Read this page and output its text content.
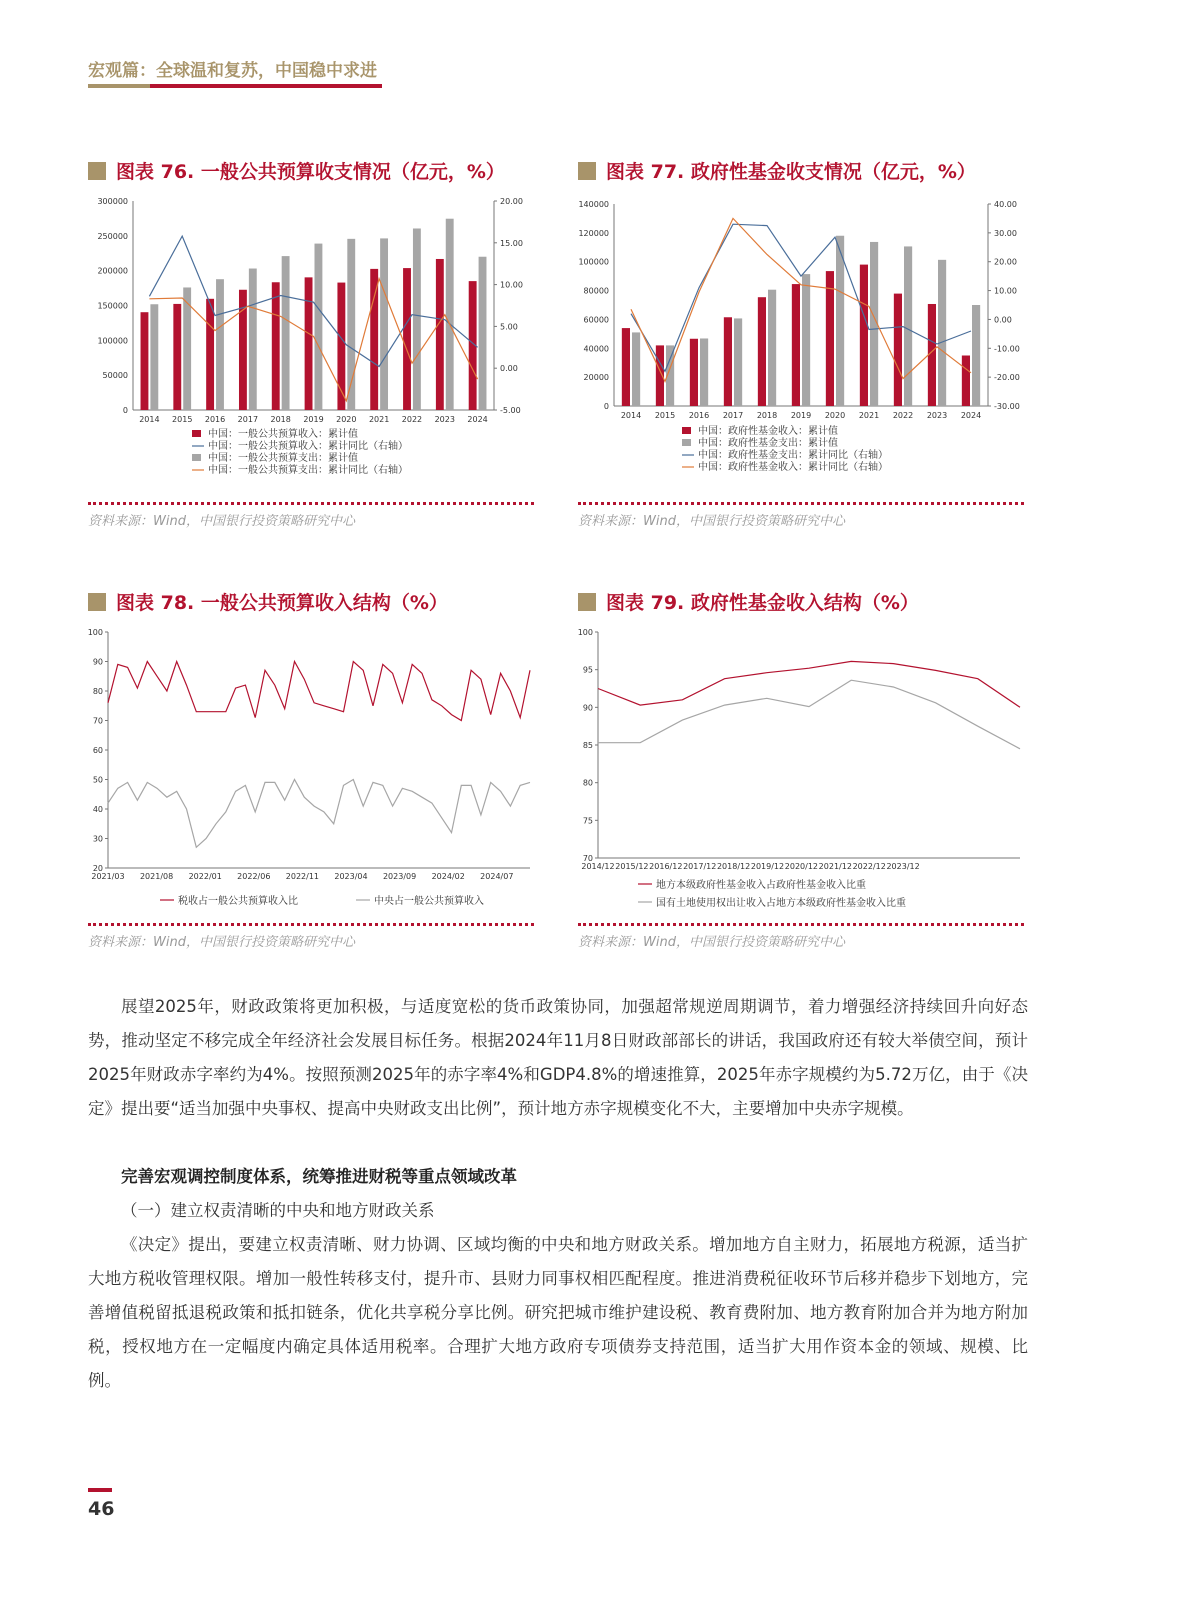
宏观篇：全球温和复苏，中国稳中求进
图表 76. 一般公共预算收支情况（亿元，%）
300000
250000
200000
150000
100000
50000
0
20.00
15.00
10.00
5.00
0.00
-5.00
2014 2015 2016 2017 2018 2019 2020 2021 2022 2023 2024
中国：一般公共预算收入：累计值
中国：一般公共预算收入：累计同比（右轴）
中国：一般公共预算支出：累计值
中国：一般公共预算支出：累计同比（右轴）
资料来源：Wind，中国银行投资策略研究中心
图表 77. 政府性基金收支情况（亿元，%）
140000
120000
100000
80000
60000
40000
20000
0
40.00
30.00
20.00
10.00
0.00
-10.00
-20.00
-30.00
2014 2015 2016 2017 2018 2019 2020 2021 2022 2023 2024
中国：政府性基金收入：累计值
中国：政府性基金支出：累计值
中国：政府性基金支出：累计同比（右轴）
中国：政府性基金收入：累计同比（右轴）
资料来源：Wind，中国银行投资策略研究中心
图表 78. 一般公共预算收入结构（%）
100
90
80
70
60
50
40
30
20
2021/03 2021/08 2022/01 2022/06 2022/11 2023/04 2023/09 2024/02 2024/07
税收占一般公共预算收入比	中央占一般公共预算收入
资料来源：Wind，中国银行投资策略研究中心
图表 79. 政府性基金收入结构（%）
100
95
90
85
80
75
70
2014/12 2015/12 2016/12 2017/12 2018/12 2019/12 2020/12 2021/12 2022/12 2023/12
地方本级政府性基金收入占政府性基金收入比重
国有土地使用权出让收入占地方本级政府性基金收入比重
资料来源：Wind，中国银行投资策略研究中心
展望2025年，财政政策将更加积极，与适度宽松的货币政策协同，加强超常规逆周期调节，着力增强经济持续回升向好态势，推动坚定不移完成全年经济社会发展目标任务。根据2024年11月8日财政部部长的讲话，我国政府还有较大举债空间，预计2025年财政赤字率约为4%。按照预测2025年的赤字率4%和GDP4.8%的增速推算，2025年赤字规模约为5.72万亿，由于《决定》提出要“适当加强中央事权、提高中央财政支出比例”，预计地方赤字规模变化不大，主要增加中央赤字规模。
完善宏观调控制度体系，统筹推进财税等重点领域改革
（一）建立权责清晰的中央和地方财政关系
《决定》提出，要建立权责清晰、财力协调、区域均衡的中央和地方财政关系。增加地方自主财力，拓展地方税源，适当扩大地方税收管理权限。增加一般性转移支付，提升市、县财力同事权相匹配程度。推进消费税征收环节后移并稳步下划地方，完善增值税留抵退税政策和抵扣链条，优化共享税分享比例。研究把城市维护建设税、教育费附加、地方教育附加合并为地方附加税，授权地方在一定幅度内确定具体适用税率。合理扩大地方政府专项债券支持范围，适当扩大用作资本金的领域、规模、比例。
46
